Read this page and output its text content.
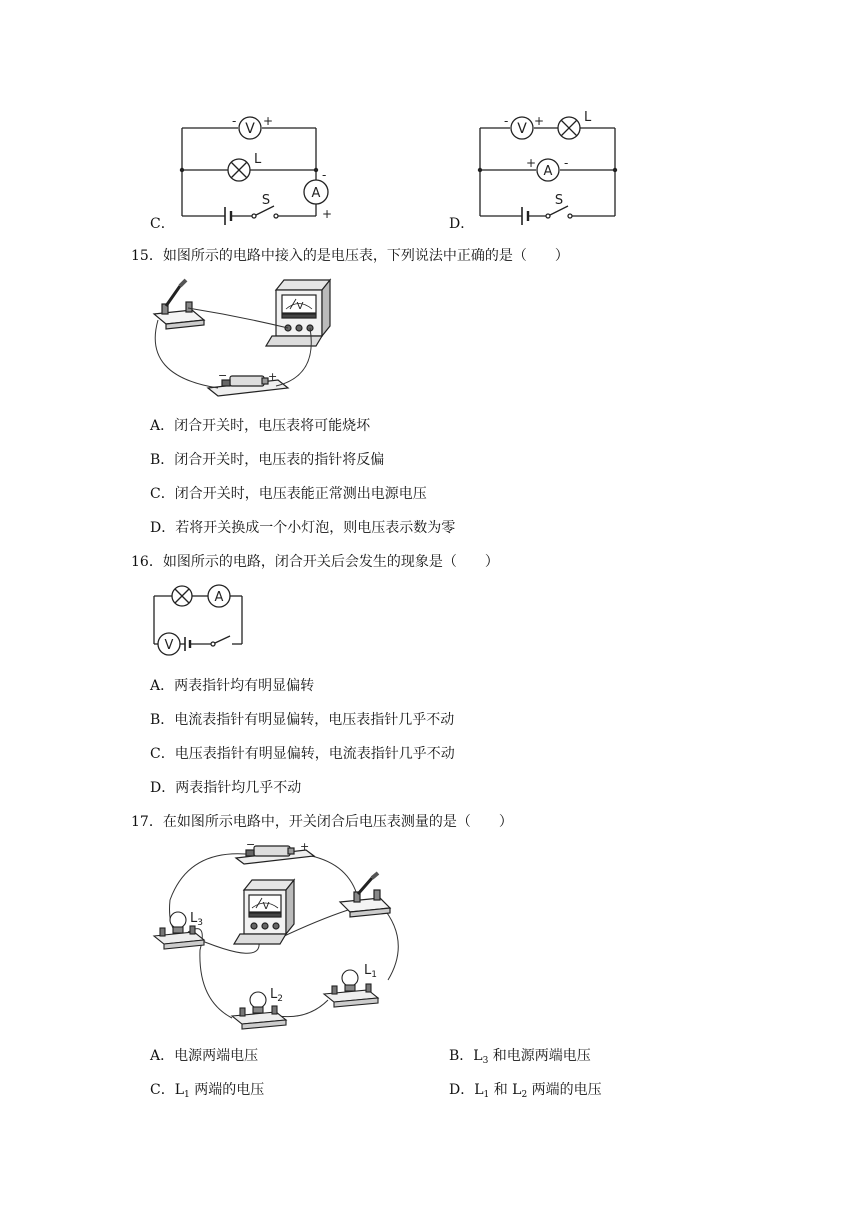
V
- +
L
A
-
+
S
C．
V
- +	L
A
+ -
S
D．
15．如图所示的电路中接入的是电压表，下列说法中正确的是（　　）
V
−	+
A．闭合开关时，电压表将可能烧坏
B．闭合开关时，电压表的指针将反偏
C．闭合开关时，电压表能正常测出电源电压
D．若将开关换成一个小灯泡，则电压表示数为零
16．如图所示的电路，闭合开关后会发生的现象是（　　）
A
V
A．两表指针均有明显偏转
B．电流表指针有明显偏转，电压表指针几乎不动
C．电压表指针有明显偏转，电流表指针几乎不动
D．两表指针均几乎不动
17．在如图所示电路中，开关闭合后电压表测量的是（　　）
−	+
V
$L_3$
$L_2$
$L_1$
A．电源两端电压	B．$L_3$ 和电源两端电压
C．$L_1$ 两端的电压	D．$L_1$ 和 $L_2$ 两端的电压
